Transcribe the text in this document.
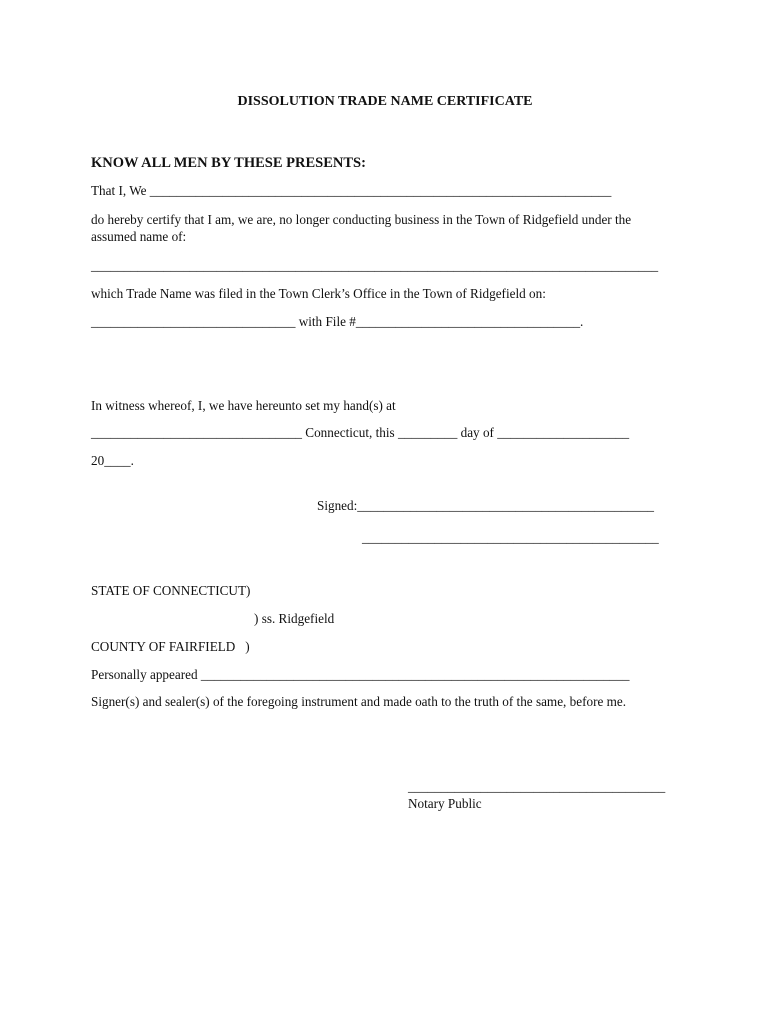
DISSOLUTION TRADE NAME CERTIFICATE
KNOW ALL MEN BY THESE PRESENTS:
That I, We ______________________________________________________________________
do hereby certify that I am, we are, no longer conducting business in the Town of Ridgefield under the
assumed name of:
______________________________________________________________________________________
which Trade Name was filed in the Town Clerk’s Office in the Town of Ridgefield on:
_______________________________ with File #__________________________________.
In witness whereof, I, we have hereunto set my hand(s) at
________________________________ Connecticut, this _________ day of ____________________
20____.
Signed:_____________________________________________
_____________________________________________
STATE OF CONNECTICUT)
) ss. Ridgefield
COUNTY OF FAIRFIELD   )
Personally appeared _________________________________________________________________
Signer(s) and sealer(s) of the foregoing instrument and made oath to the truth of the same, before me.
_______________________________________
Notary Public
